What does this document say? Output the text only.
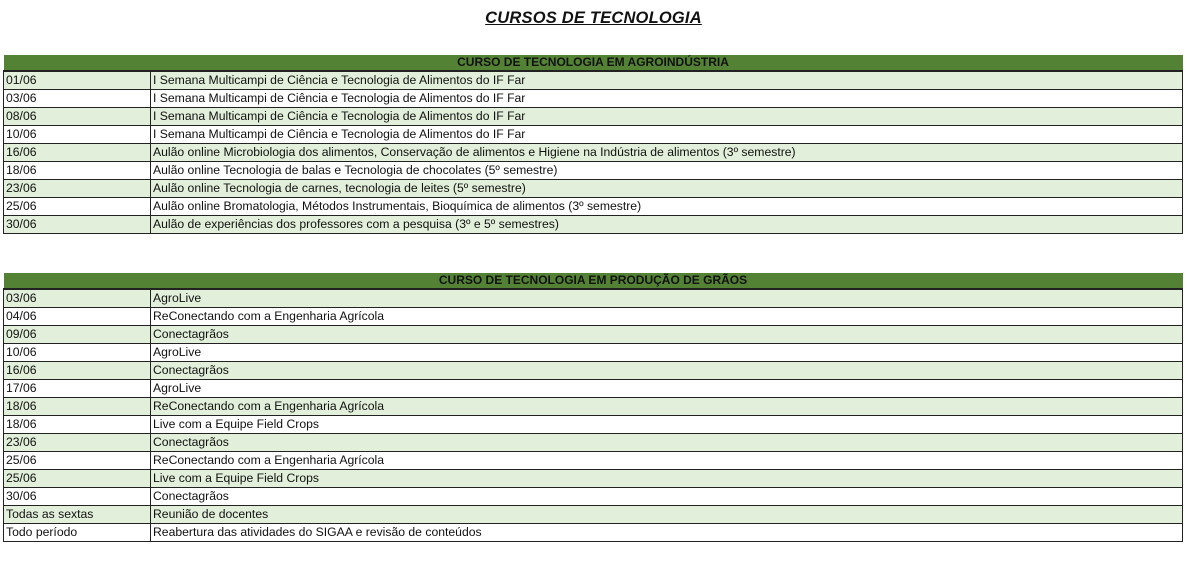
CURSOS DE TECNOLOGIA
CURSO DE TECNOLOGIA EM AGROINDÚSTRIA	
01/06	I Semana Multicampi de Ciência e Tecnologia de Alimentos do IF Far
03/06	I Semana Multicampi de Ciência e Tecnologia de Alimentos do IF Far
08/06	I Semana Multicampi de Ciência e Tecnologia de Alimentos do IF Far
10/06	I Semana Multicampi de Ciência e Tecnologia de Alimentos do IF Far
16/06	Aulão online Microbiologia dos alimentos, Conservação de alimentos e Higiene na Indústria de alimentos (3º semestre)
18/06	Aulão online Tecnologia de balas e Tecnologia de chocolates (5º semestre)
23/06	Aulão online Tecnologia de carnes, tecnologia de leites (5º semestre)
25/06	Aulão online Bromatologia, Métodos Instrumentais, Bioquímica de alimentos (3º semestre)
30/06	Aulão de experiências dos professores com a pesquisa (3º e 5º semestres)
CURSO DE TECNOLOGIA EM PRODUÇÃO DE GRÃOS	
03/06	AgroLive
04/06	ReConectando com a Engenharia Agrícola
09/06	Conectagrãos
10/06	AgroLive
16/06	Conectagrãos
17/06	AgroLive
18/06	ReConectando com a Engenharia Agrícola
18/06	Live com a Equipe Field Crops
23/06	Conectagrãos
25/06	ReConectando com a Engenharia Agrícola
25/06	Live com a Equipe Field Crops
30/06	Conectagrãos
Todas as sextas	Reunião de docentes
Todo período	Reabertura das atividades do SIGAA e revisão de conteúdos
